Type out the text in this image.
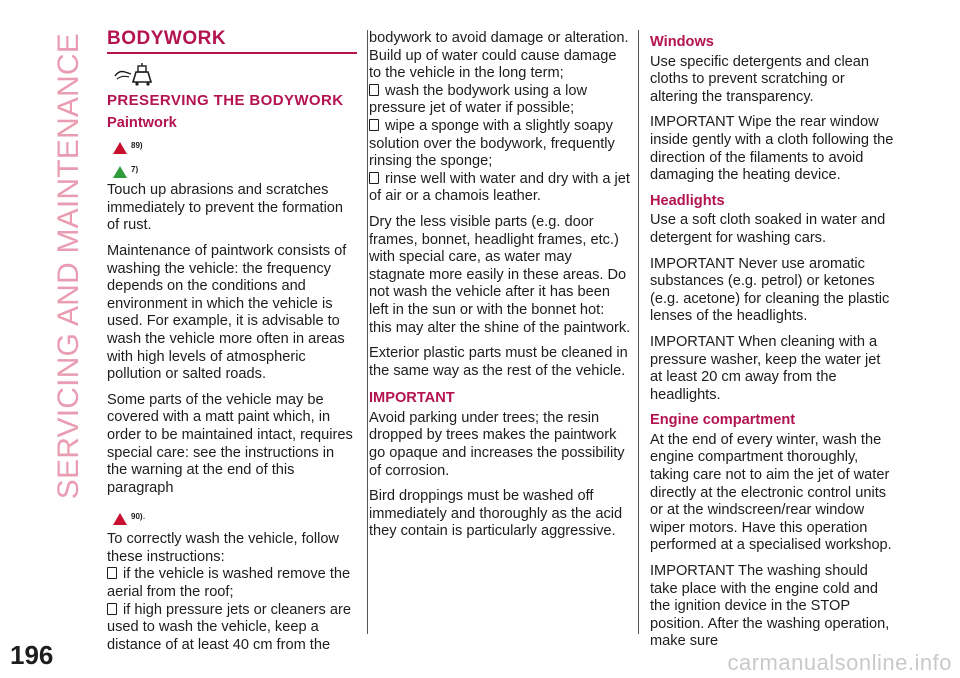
SERVICING AND MAINTENANCE BODYWORK
PRESERVING THE BODYWORK
Paintwork
89)
7)

Touch up abrasions and scratches immediately to prevent the formation of rust.

Maintenance of paintwork consists of washing the vehicle: the frequency depends on the conditions and environment in which the vehicle is used. For example, it is advisable to wash the vehicle more often in areas with high levels of atmospheric pollution or salted roads.

Some parts of the vehicle may be covered with a matt paint which, in order to be maintained intact, requires special care: see the instructions in the warning at the end of this paragraph

90) .

To correctly wash the vehicle, follow these instructions:

if the vehicle is washed remove the aerial from the roof;
if high pressure jets or cleaners are used to wash the vehicle, keep a distance of at least 40 cm from the

bodywork to avoid damage or alteration. Build up of water could cause damage to the vehicle in the long term;

wash the bodywork using a low pressure jet of water if possible;
wipe a sponge with a slightly soapy solution over the bodywork, frequently rinsing the sponge;
rinse well with water and dry with a jet of air or a chamois leather.

Dry the less visible parts (e.g. door frames, bonnet, headlight frames, etc.) with special care, as water may stagnate more easily in these areas. Do not wash the vehicle after it has been left in the sun or with the bonnet hot: this may alter the shine of the paintwork.

Exterior plastic parts must be cleaned in the same way as the rest of the vehicle.

IMPORTANT

Avoid parking under trees; the resin dropped by trees makes the paintwork go opaque and increases the possibility of corrosion.

Bird droppings must be washed off immediately and thoroughly as the acid they contain is particularly aggressive.

Windows

Use specific detergents and clean cloths to prevent scratching or altering the transparency.

IMPORTANT Wipe the rear window inside gently with a cloth following the direction of the filaments to avoid damaging the heating device.

Headlights

Use a soft cloth soaked in water and detergent for washing cars.

IMPORTANT Never use aromatic substances (e.g. petrol) or ketones (e.g. acetone) for cleaning the plastic lenses of the headlights.

IMPORTANT When cleaning with a pressure washer, keep the water jet at least 20 cm away from the headlights.

Engine compartment

At the end of every winter, wash the engine compartment thoroughly, taking care not to aim the jet of water directly at the electronic control units or at the windscreen/rear window wiper motors. Have this operation performed at a specialised workshop.

IMPORTANT The washing should take place with the engine cold and the ignition device in the STOP position. After the washing operation, make sure

196	carmanualsonline.info
